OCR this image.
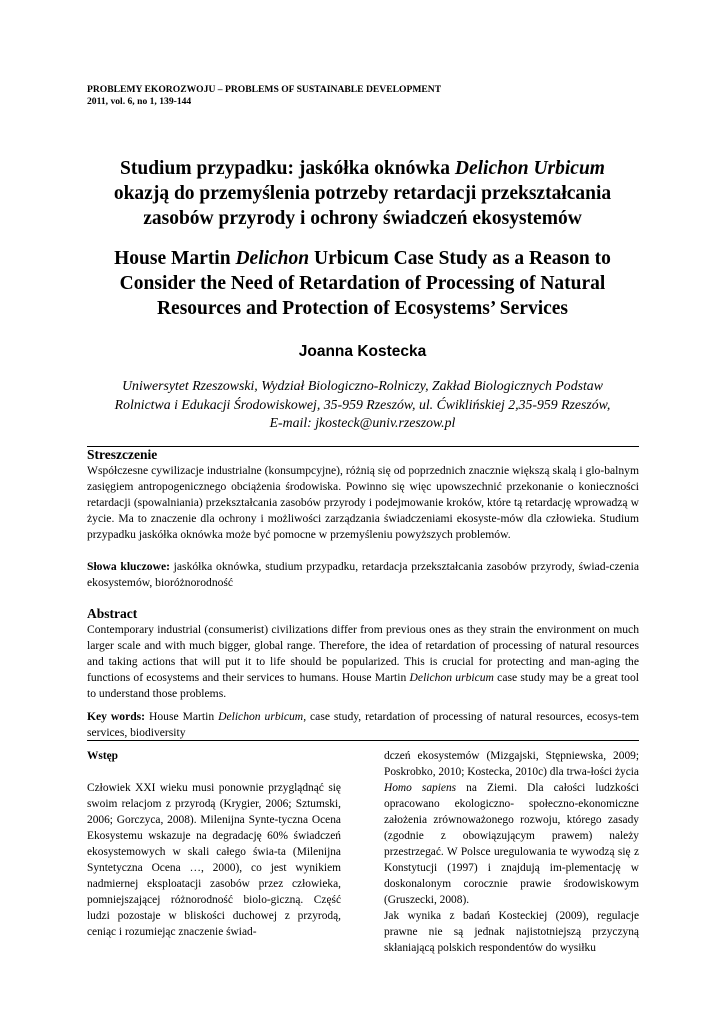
PROBLEMY EKOROZWOJU – PROBLEMS OF SUSTAINABLE DEVELOPMENT
2011, vol. 6, no 1, 139-144
Studium przypadku: jaskółka oknówka Delichon Urbicum
okazją do przemyślenia potrzeby retardacji przekształcania
zasobów przyrody i ochrony świadczeń ekosystemów
House Martin Delichon Urbicum Case Study as a Reason to
Consider the Need of Retardation of Processing of Natural
Resources and Protection of Ecosystems’ Services
Joanna Kostecka
Uniwersytet Rzeszowski, Wydział Biologiczno-Rolniczy, Zakład Biologicznych Podstaw
Rolnictwa i Edukacji Środowiskowej, 35-959 Rzeszów, ul. Ćwiklińskiej 2,35-959 Rzeszów,
E-mail: jkosteck@univ.rzeszow.pl
Streszczenie
Współczesne cywilizacje industrialne (konsumpcyjne), różnią się od poprzednich znacznie większą skalą i glo-balnym zasięgiem antropogenicznego obciążenia środowiska. Powinno się więc upowszechnić przekonanie o konieczności retardacji (spowalniania) przekształcania zasobów przyrody i podejmowanie kroków, które tą retardację wprowadzą w życie. Ma to znaczenie dla ochrony i możliwości zarządzania świadczeniami ekosyste-mów dla człowieka. Studium przypadku jaskółka oknówka może być pomocne w przemyśleniu powyższych problemów.
Słowa kluczowe: jaskółka oknówka, studium przypadku, retardacja przekształcania zasobów przyrody, świad-czenia ekosystemów, bioróżnorodność
Abstract
Contemporary industrial (consumerist) civilizations differ from previous ones as they strain the environment on much larger scale and with much bigger, global range. Therefore, the idea of retardation of processing of natural resources and taking actions that will put it to life should be popularized. This is crucial for protecting and man-aging the functions of ecosystems and their services to humans. House Martin Delichon urbicum case study may be a great tool to understand those problems.
Key words: House Martin Delichon urbicum, case study, retardation of processing of natural resources, ecosys-tem services, biodiversity

Wstęp

Człowiek XXI wieku musi ponownie przyglądnąć się swoim relacjom z przyrodą (Krygier, 2006; Sztumski, 2006; Gorczyca, 2008). Milenijna Synte-tyczna Ocena Ekosystemu wskazuje na degradację 60% świadczeń ekosystemowych w skali całego świa-ta (Milenijna Syntetyczna Ocena …, 2000), co jest wynikiem nadmiernej eksploatacji zasobów przez człowieka, pomniejszającej różnorodność biolo-giczną. Część ludzi pozostaje w bliskości duchowej z przyrodą, ceniąc i rozumiejąc znaczenie świad-

dczeń ekosystemów (Mizgajski, Stępniewska, 2009; Poskrobko, 2010; Kostecka, 2010c) dla trwa-łości życia Homo sapiens na Ziemi. Dla całości ludzkości opracowano ekologiczno- społeczno-ekonomiczne założenia zrównoważonego rozwoju, którego zasady (zgodnie z obowiązującym prawem) należy przestrzegać. W Polsce uregulowania te wywodzą się z Konstytucji (1997) i znajdują im-plementację w doskonalonym corocznie prawie środowiskowym (Gruszecki, 2008).

Jak wynika z badań Kosteckiej (2009), regulacje prawne nie są jednak najistotniejszą przyczyną skłaniającą polskich respondentów do wysiłku
